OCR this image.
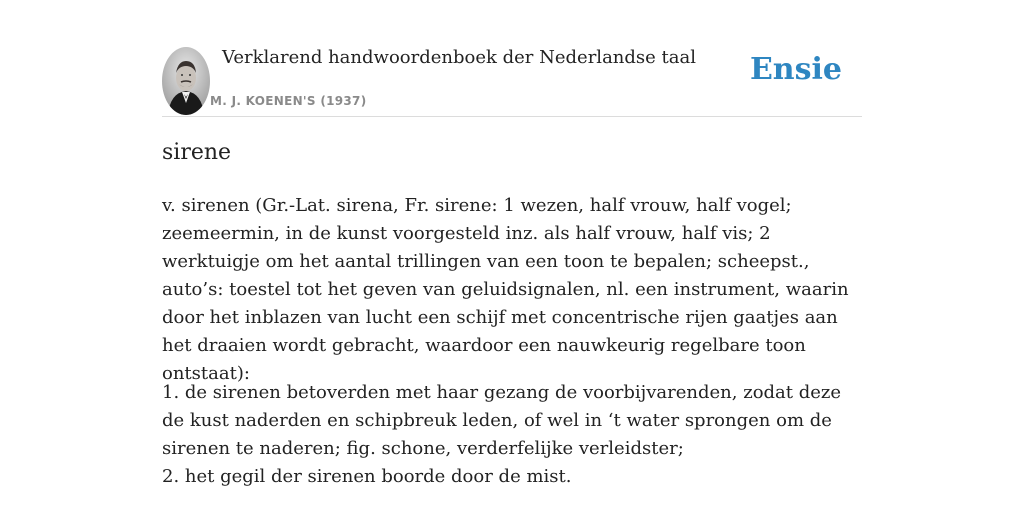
Verklarend handwoordenboek der Nederlandse taal
M. J. KOENEN'S (1937)
Ensie
sirene

v. sirenen (Gr.-Lat. sirena, Fr. sirene: 1 wezen, half vrouw, half vogel; zeemeermin, in de kunst voorgesteld inz. als half vrouw, half vis; 2 werktuigje om het aantal trillingen van een toon te bepalen; scheepst., auto’s: toestel tot het geven van geluidsignalen, nl. een instrument, waarin door het inblazen van lucht een schijf met concentrische rijen gaatjes aan het draaien wordt gebracht, waardoor een nauwkeurig regelbare toon ontstaat):

1. de sirenen betoverden met haar gezang de voorbijvarenden, zodat deze de kust naderden en schipbreuk leden, of wel in ‘t water sprongen om de sirenen te naderen; fig. schone, verderfelijke verleidster;
2. het gegil der sirenen boorde door de mist.
